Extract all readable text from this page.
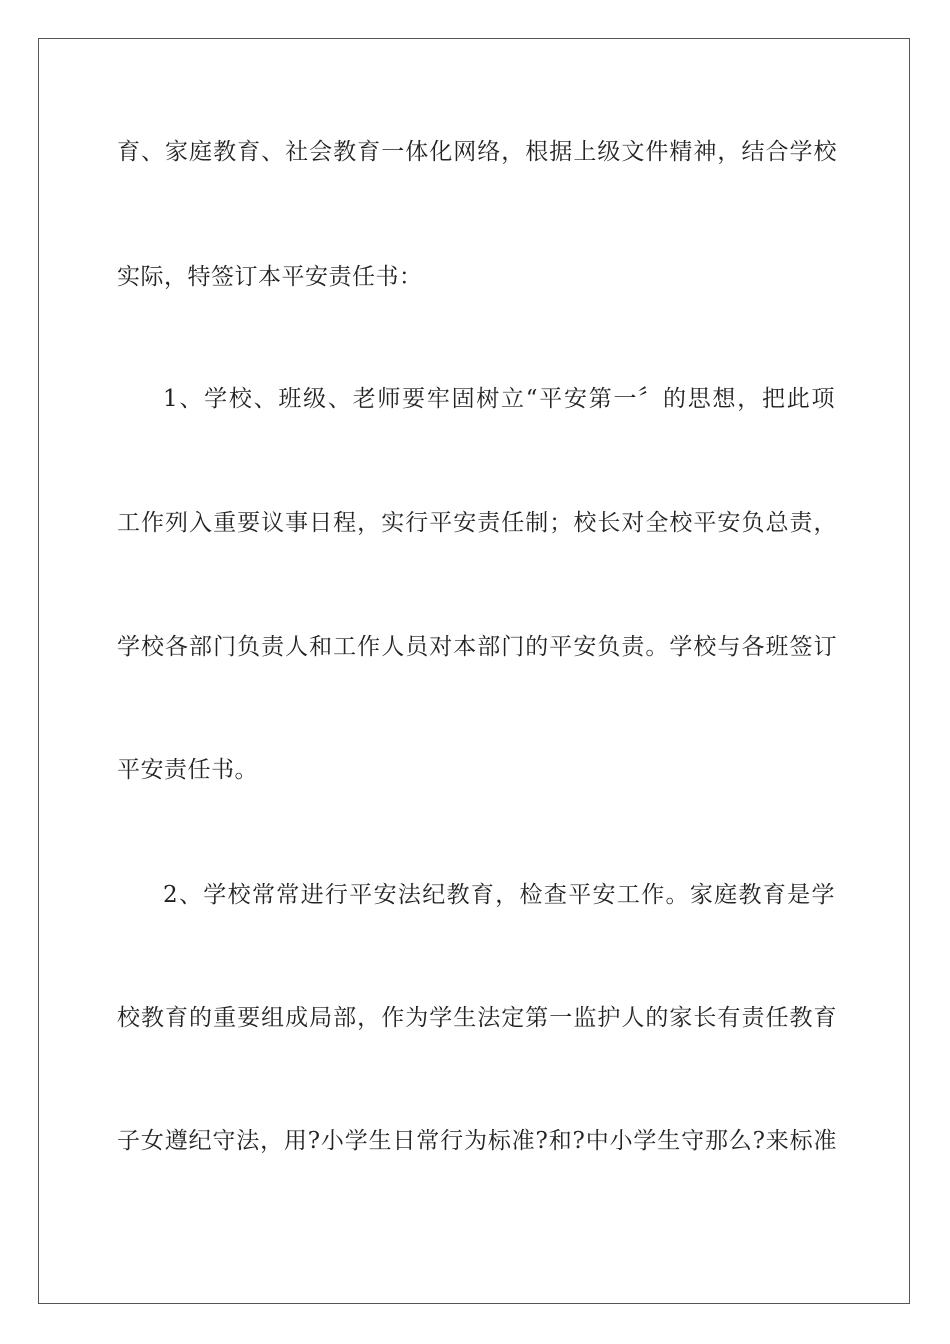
育、家庭教育、社会教育一体化网络，根据上级文件精神，结合学校
实际，特签订本平安责任书：
1、学校、班级、老师要牢固树立“平安第一〞的思想，把此项
工作列入重要议事日程，实行平安责任制；校长对全校平安负总责，
学校各部门负责人和工作人员对本部门的平安负责。学校与各班签订
平安责任书。
2、学校常常进行平安法纪教育，检查平安工作。家庭教育是学
校教育的重要组成局部，作为学生法定第一监护人的家长有责任教育
子女遵纪守法，用?小学生日常行为标准?和?中小学生守那么?来标准
